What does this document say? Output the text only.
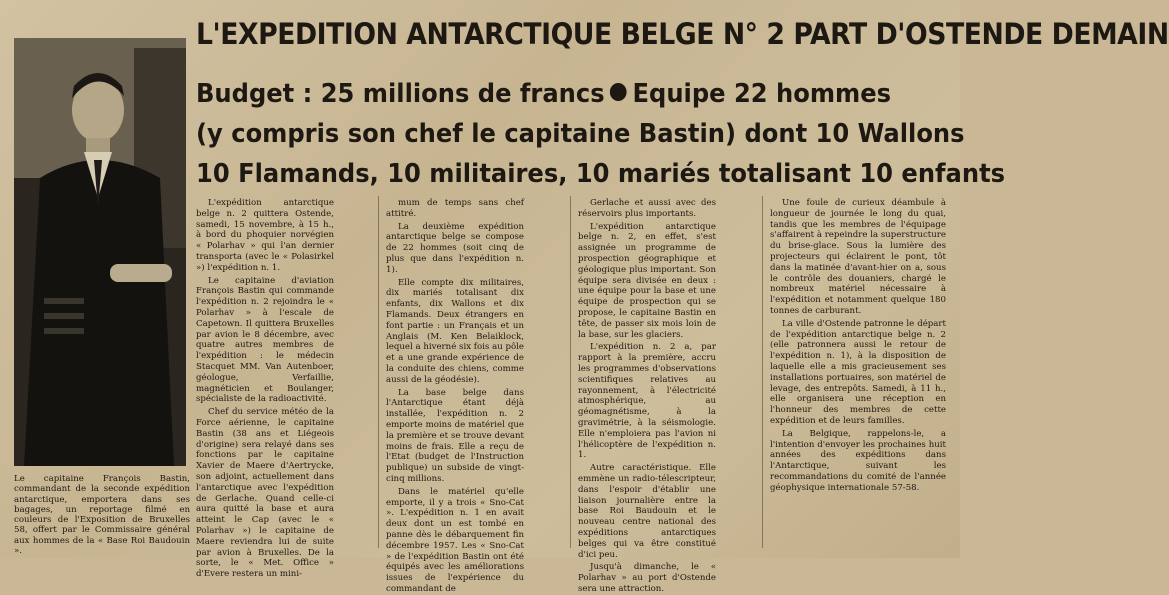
Le capitaine François Bastin, commandant de la seconde expédition antarctique, emportera dans ses bagages, un reportage filmé en couleurs de l'Exposition de Bruxelles 58, offert par le Commissaire général aux hommes de la « Base Roi Baudouin ».
L'EXPEDITION ANTARCTIQUE BELGE N° 2 PART D'OSTENDE DEMAIN
Budget : 25 millions de francs Equipe 22 hommes
(y compris son chef le capitaine Bastin) dont 10 Wallons
10 Flamands, 10 militaires, 10 mariés totalisant 10 enfants

L'expédition antarctique belge n. 2 quittera Ostende, samedi, 15 novembre, à 15 h., à bord du phoquier norvégien « Polarhav » qui l'an dernier transporta (avec le « Polasirkel ») l'expédition n. 1.

Le capitaine d'aviation François Bastin qui commande l'expédition n. 2 rejoindra le « Polarhav » à l'escale de Capetown. Il quittera Bruxelles par avion le 8 décembre, avec quatre autres membres de l'expédition : le médecin Stacquet MM. Van Autenboer, géologue, Verfaillie, magnéticien et Boulanger, spécialiste de la radioactivité.

Chef du service météo de la Force aérienne, le capitaine Bastin (38 ans et Liégeois d'origine) sera relayé dans ses fonctions par le capitaine Xavier de Maere d'Aertrycke, son adjoint, actuellement dans l'antarctique avec l'expédition de Gerlache. Quand celle-ci aura quitté la base et aura atteint le Cap (avec le « Polarhav ») le capitaine de Maere reviendra lui de suite par avion à Bruxelles. De la sorte, le « Met. Office » d'Evere restera un mini-

mum de temps sans chef attitré.

La deuxième expédition antarctique belge se compose de 22 hommes (soit cinq de plus que dans l'expédition n. 1).

Elle compte dix militaires, dix mariés totalisant dix enfants, dix Wallons et dix Flamands. Deux étrangers en font partie : un Français et un Anglais (M. Ken Belaiklock, lequel a hiverné six fois au pôle et a une grande expérience de la conduite des chiens, comme aussi de la géodésie).

La base belge dans l'Antarctique étant déjà installée, l'expédition n. 2 emporte moins de matériel que la première et se trouve devant moins de frais. Elle a reçu de l'Etat (budget de l'Instruction publique) un subside de vingt-cinq millions.

Dans le matériel qu'elle emporte, il y a trois « Sno-Cat ». L'expédition n. 1 en avait deux dont un est tombé en panne dès le débarquement fin décembre 1957. Les « Sno-Cat » de l'expédition Bastin ont été équipés avec les améliorations issues de l'expérience du commandant de

Gerlache et aussi avec des réservoirs plus importants.

L'expédition antarctique belge n. 2, en effet, s'est assignée un programme de prospection géographique et géologique plus important. Son équipe sera divisée en deux : une équipe pour la base et une équipe de prospection qui se propose, le capitaine Bastin en tête, de passer six mois loin de la base, sur les glaciers.

L'expédition n. 2 a, par rapport à la première, accru les programmes d'observations scientifiques relatives au rayonnement, à l'électricité atmosphérique, au géomagnétisme, à la gravimétrie, à la séismologie. Elle n'emploiera pas l'avion ni l'hélicoptère de l'expédition n. 1.

Autre caractéristique. Elle emmène un radio-télescripteur, dans l'espoir d'établir une liaison journalière entre la base Roi Baudouin et le nouveau centre national des expéditions antarctiques belges qui va être constitué d'ici peu.

Jusqu'à dimanche, le « Polarhav » au port d'Ostende sera une attraction.

Une foule de curieux déambule à longueur de journée le long du quai, tandis que les membres de l'équipage s'affairent à repeindre la superstructure du brise-glace. Sous la lumière des projecteurs qui éclairent le pont, tôt dans la matinée d'avant-hier on a, sous le contrôle des douaniers, chargé le nombreux matériel nécessaire à l'expédition et notamment quelque 180 tonnes de carburant.

La ville d'Ostende patronne le départ de l'expédition antarctique belge n. 2 (elle patronnera aussi le retour de l'expédition n. 1), à la disposition de laquelle elle a mis gracieusement ses installations portuaires, son matériel de levage, des entrepôts. Samedi, à 11 h., elle organisera une réception en l'honneur des membres de cette expédition et de leurs familles.

La Belgique, rappelons-le, a l'intention d'envoyer les prochaines huit années des expéditions dans l'Antarctique, suivant les recommandations du comité de l'année géophysique internationale 57-58.
